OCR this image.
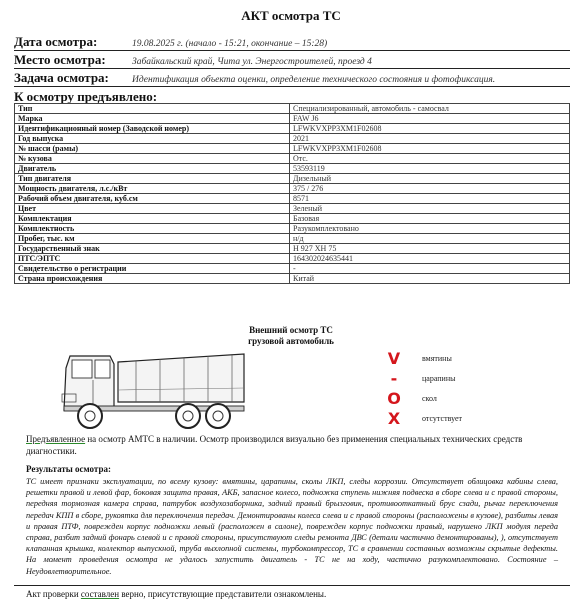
АКТ осмотра ТС
Дата осмотра:	19.08.2025 г. (начало - 15:21, окончание – 15:28)
Место осмотра:	Забайкальский край, Чита ул. Энергостроителей, проезд 4
Задача осмотра:	Идентификация объекта оценки, определение технического состояния и фотофиксация.
К осмотру предъявлено:
Тип	Специализированный, автомобиль - самосвал
Марка	FAW J6
Идентификационный номер (Заводской номер)	LFWKVXPP3XM1F02608
Год выпуска	2021
№ шасси (рамы)	LFWKVXPP3XM1F02608
№ кузова	Отс.
Двигатель	53593119
Тип двигателя	Дизельный
Мощность двигателя, л.с./кВт	375 / 276
Рабочий объем двигателя, куб.см	8571
Цвет	Зеленый
Комплектация	Базовая
Комплектность	Разукомплектовано
Пробег, тыс. км	н/д
Государственный знак	Н 927 ХН 75
ПТС/ЭПТС	164302024635441
Свидетельство о регистрации	-
Страна происхождения	Китай
Внешний осмотр ТС
грузовой автомобиль
V	вмятины
-	царапины
O	скол
X	отсутствует
Предъявленное на осмотр АМТС в наличии. Осмотр производился визуально без применения специальных технических средств диагностики.
Результаты осмотра:
ТС имеет признаки эксплуатации, по всему кузову: вмятины, царапины, сколы ЛКП, следы коррозии. Отсутствует облицовка кабины слева, решетки правой и левой фар, боковая защита правая, АКБ, запасное колесо, подножка ступень нижняя подвеска в сборе слева и с правой стороны, передняя тормозная камера справа, патрубок воздухозаборника, задний правый брызговик, противооткатный брус сзади, рычаг переключения передач КПП в сборе, рукоятка для переключения передач. Демонтированы колеса слева и с правой стороны (расположены в кузове), разбиты левая и правая ПТФ, поврежден корпус подножки левый (расположен в салоне), поврежден корпус подножки правый, нарушено ЛКП модуля переда справа, разбит задний фонарь слевой и с правой стороны, присутствуют следы ремонта ДВС (детали частично демонтированы), ), отсутствует клапанная крышка, коллектор выпускной, труба выхлопной системы, турбокомпрессор, ТС в сравнении составных возможны скрытые дефекты. На момент проведения осмотра не удалось запустить двигатель - ТС не на ходу, частично разукомплектовано. Состояние – Неудовлетворительное.
Акт проверки составлен верно, присутствующие представители ознакомлены.
